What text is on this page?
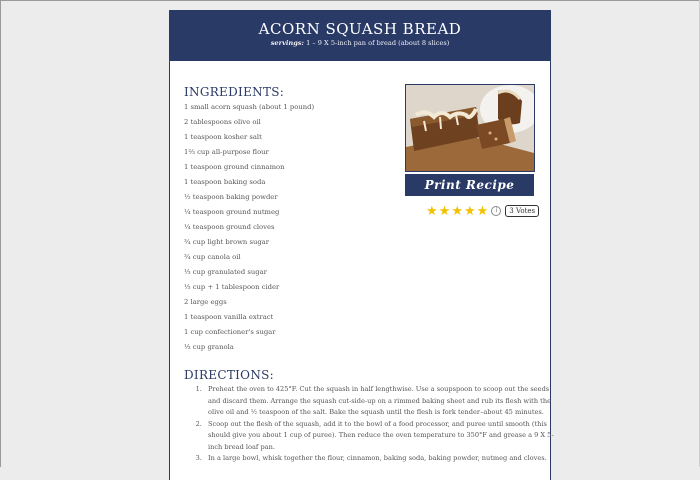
ACORN SQUASH BREAD
servings: 1 – 9 X 5-inch pan of bread (about 8 slices)
INGREDIENTS:
1 small acorn squash (about 1 pound)
2 tablespoons olive oil
1 teaspoon kosher salt
1⅔ cup all-purpose flour
1 teaspoon ground cinnamon
1 teaspoon baking soda
½ teaspoon baking powder
¼ teaspoon ground nutmeg
¼ teaspoon ground cloves
¾ cup light brown sugar
¾ cup canola oil
⅓ cup granulated sugar
⅓ cup + 1 tablespoon cider
2 large eggs
1 teaspoon vanilla extract
1 cup confectioner's sugar
⅓ cup granola
Print Recipe
★ ★ ★ ★ ★	i	3 Votes
DIRECTIONS:
1. Preheat the oven to 425°F. Cut the squash in half lengthwise. Use a soupspoon to scoop out the seeds and discard them. Arrange the squash cut-side-up on a rimmed baking sheet and rub its flesh with the olive oil and ½ teaspoon of the salt. Bake the squash until the flesh is fork tender–about 45 minutes.
2. Scoop out the flesh of the squash, add it to the bowl of a food processor, and puree until smooth (this should give you about 1 cup of puree). Then reduce the oven temperature to 350°F and grease a 9 X 5-inch bread loaf pan.
3. In a large bowl, whisk together the flour, cinnamon, baking soda, baking powder, nutmeg and cloves.
